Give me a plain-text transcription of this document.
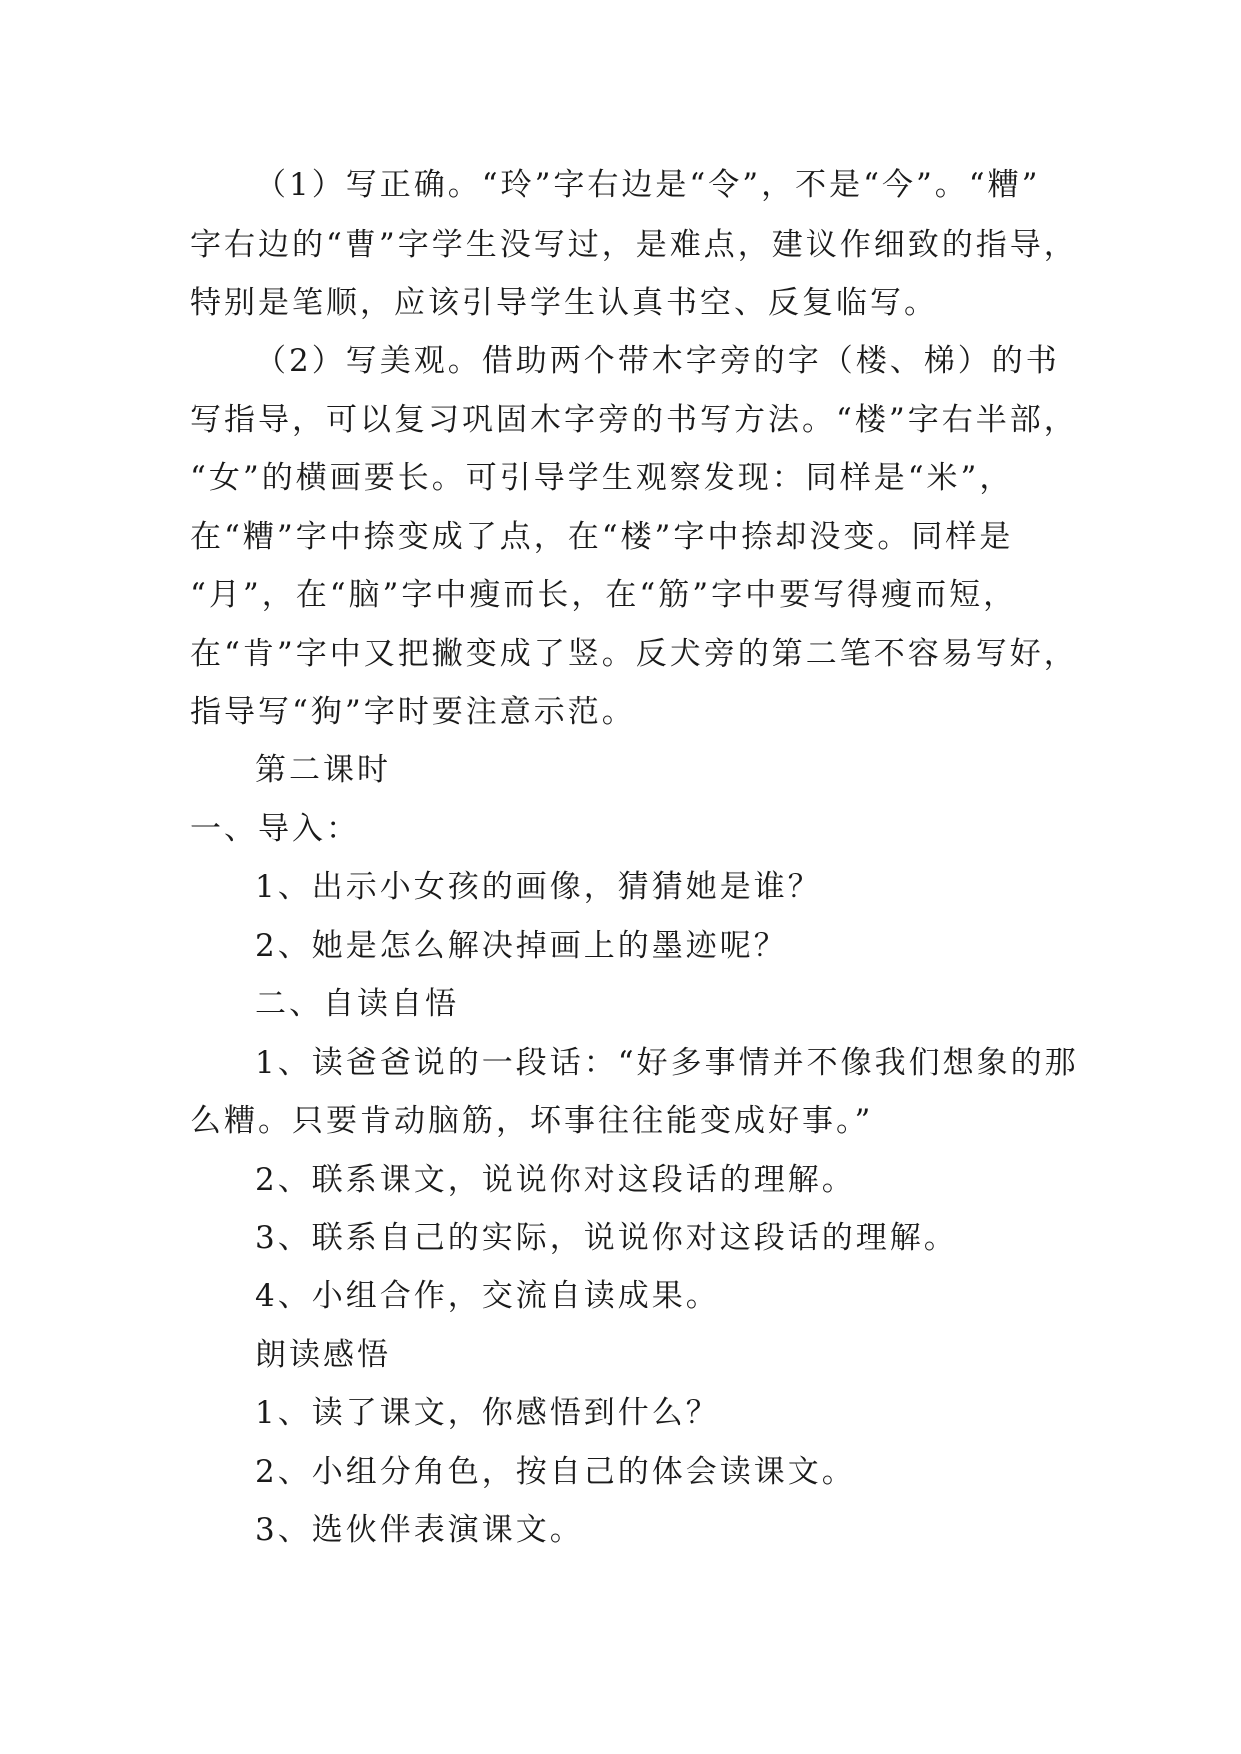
（1）写正确。“玲”字右边是“令”，不是“今”。“糟”
字右边的“曹”字学生没写过，是难点，建议作细致的指导，
特别是笔顺，应该引导学生认真书空、反复临写。
（2）写美观。借助两个带木字旁的字（楼、梯）的书
写指导，可以复习巩固木字旁的书写方法。“楼”字右半部，
“女”的横画要长。可引导学生观察发现：同样是“米”，
在“糟”字中捺变成了点，在“楼”字中捺却没变。同样是
“月”，在“脑”字中瘦而长，在“筋”字中要写得瘦而短，
在“肯”字中又把撇变成了竖。反犬旁的第二笔不容易写好，
指导写“狗”字时要注意示范。
第二课时
一、导入：
1、出示小女孩的画像，猜猜她是谁？
2、她是怎么解决掉画上的墨迹呢？
二、自读自悟
1、读爸爸说的一段话：“好多事情并不像我们想象的那
么糟。只要肯动脑筋，坏事往往能变成好事。”
2、联系课文，说说你对这段话的理解。
3、联系自己的实际，说说你对这段话的理解。
4、小组合作，交流自读成果。
朗读感悟
1、读了课文，你感悟到什么？
2、小组分角色，按自己的体会读课文。
3、选伙伴表演课文。
